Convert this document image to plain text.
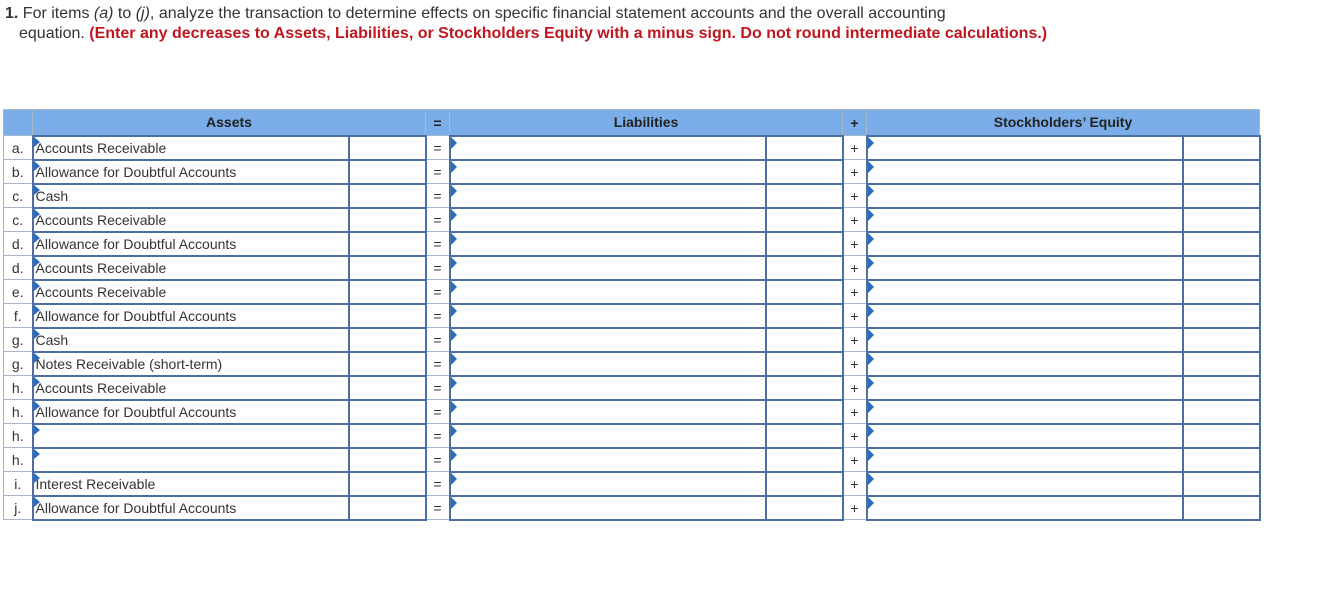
1. For items (a) to (j), analyze the transaction to determine effects on specific financial statement accounts and the overall accounting
equation. (Enter any decreases to Assets, Liabilities, or Stockholders Equity with a minus sign. Do not round intermediate calculations.)
	Assets		=	Liabilities		+	Stockholders’ Equity	
a.	Accounts Receivable		=			+	

b.	Allowance for Doubtful Accounts		=			+	

c.	Cash		=			+	

c.	Accounts Receivable		=			+	

d.	Allowance for Doubtful Accounts		=			+	

d.	Accounts Receivable		=			+	

e.	Accounts Receivable		=			+	

f.	Allowance for Doubtful Accounts		=			+	

g.	Cash		=			+	

g.	Notes Receivable (short-term)		=			+	

h.	Accounts Receivable		=			+	

h.	Allowance for Doubtful Accounts		=			+	

h.			=			+	

h.			=			+	

i.	Interest Receivable		=			+	

j.	Allowance for Doubtful Accounts		=			+	
